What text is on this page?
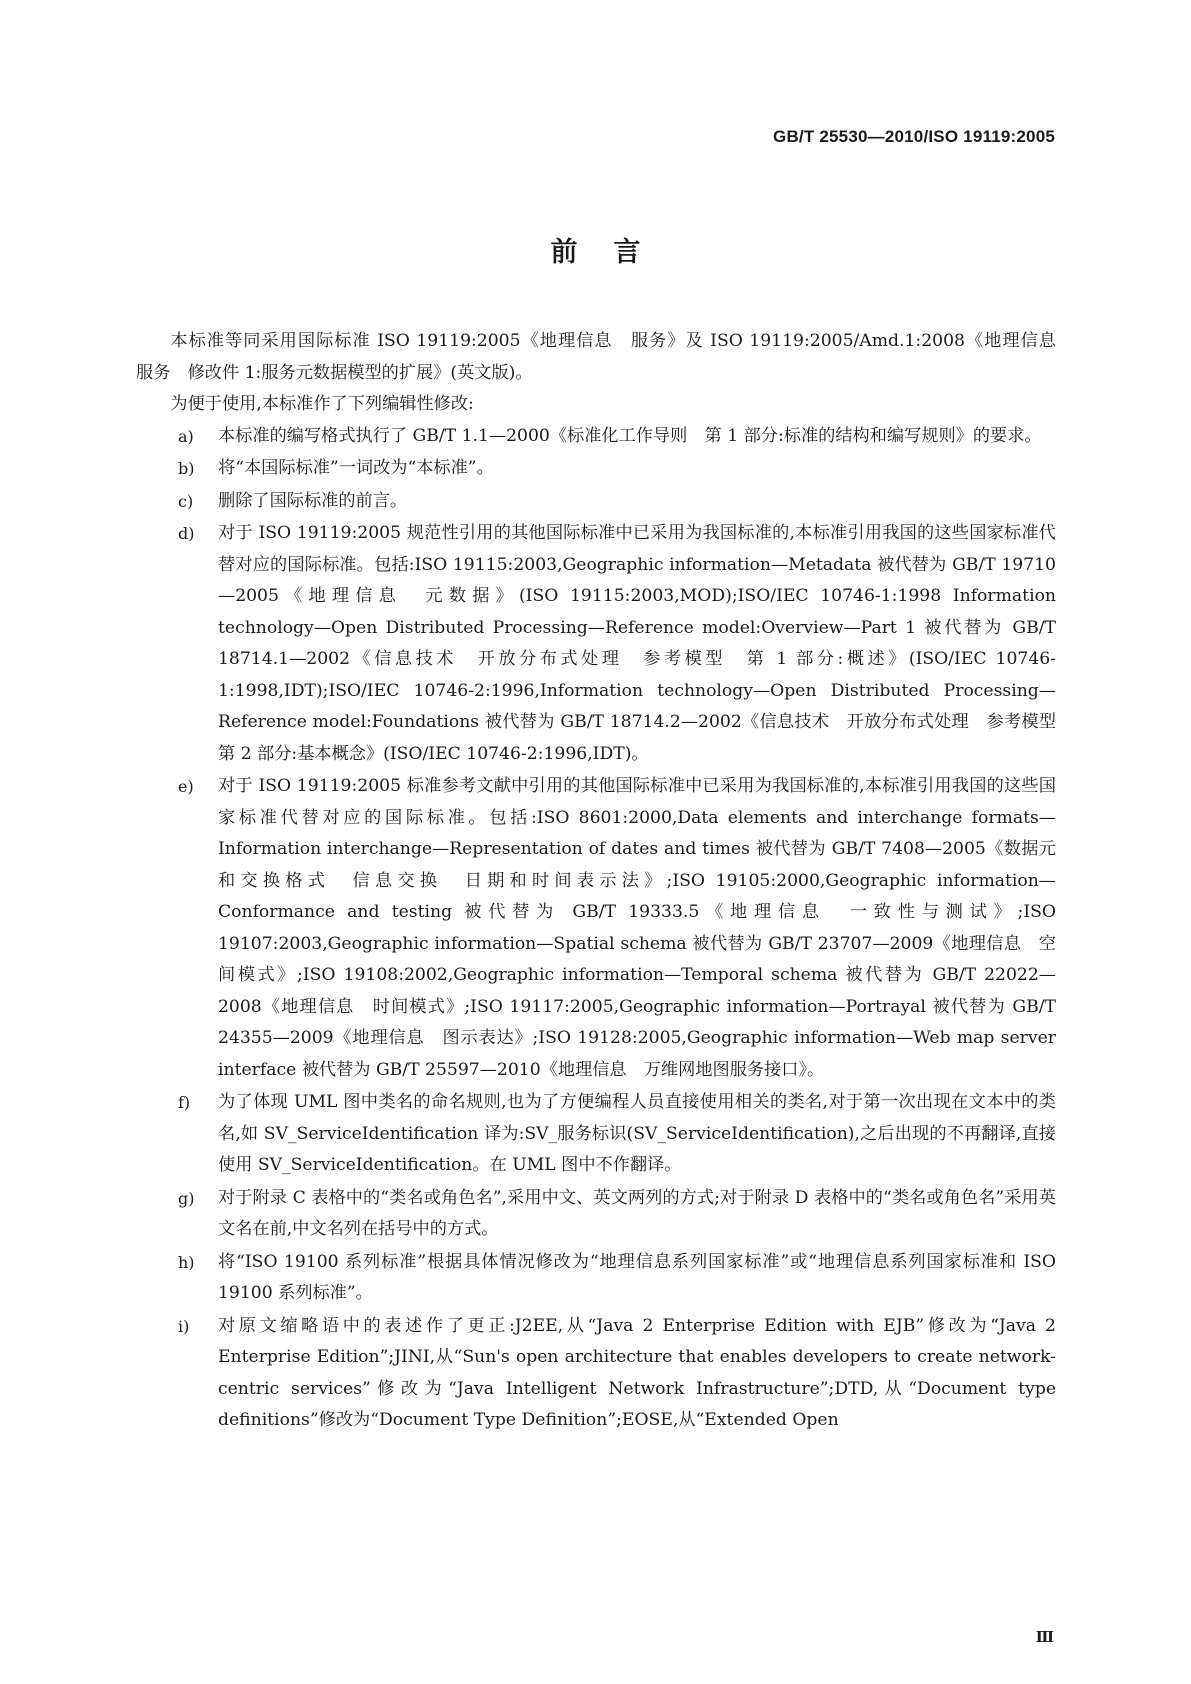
GB/T 25530—2010/ISO 19119:2005
前言

本标准等同采用国际标准 ISO 19119:2005《地理信息　服务》及 ISO 19119:2005/Amd.1:2008《地理信息　服务　修改件 1:服务元数据模型的扩展》(英文版)。

为便于使用,本标准作了下列编辑性修改:

a) 本标准的编写格式执行了 GB/T 1.1—2000《标准化工作导则　第 1 部分:标准的结构和编写规则》的要求。
b) 将“本国际标准”一词改为“本标准”。
c) 删除了国际标准的前言。
d) 对于 ISO 19119:2005 规范性引用的其他国际标准中已采用为我国标准的,本标准引用我国的这些国家标准代替对应的国际标准。包括:ISO 19115:2003,Geographic information—Metadata 被代替为 GB/T 19710—2005《地理信息　元数据》(ISO 19115:2003,MOD);ISO/IEC 10746-1:1998 Information technology—Open Distributed Processing—Reference model:Overview—Part 1 被代替为 GB/T 18714.1—2002《信息技术　开放分布式处理　参考模型　第 1 部分:概述》(ISO/IEC 10746-1:1998,IDT);ISO/IEC 10746-2:1996,Information technology—Open Distributed Processing—Reference model:Foundations 被代替为 GB/T 18714.2—2002《信息技术　开放分布式处理　参考模型　第 2 部分:基本概念》(ISO/IEC 10746-2:1996,IDT)。
e) 对于 ISO 19119:2005 标准参考文献中引用的其他国际标准中已采用为我国标准的,本标准引用我国的这些国家标准代替对应的国际标准。包括:ISO 8601:2000,Data elements and interchange formats—Information interchange—Representation of dates and times 被代替为 GB/T 7408—2005《数据元和交换格式　信息交换　日期和时间表示法》;ISO 19105:2000,Geographic information—Conformance and testing 被代替为 GB/T 19333.5《地理信息　一致性与测试》;ISO 19107:2003,Geographic information—Spatial schema 被代替为 GB/T 23707—2009《地理信息　空间模式》;ISO 19108:2002,Geographic information—Temporal schema 被代替为 GB/T 22022—2008《地理信息　时间模式》;ISO 19117:2005,Geographic information—Portrayal 被代替为 GB/T 24355—2009《地理信息　图示表达》;ISO 19128:2005,Geographic information—Web map server interface 被代替为 GB/T 25597—2010《地理信息　万维网地图服务接口》。
f) 为了体现 UML 图中类名的命名规则,也为了方便编程人员直接使用相关的类名,对于第一次出现在文本中的类名,如 SV_ServiceIdentification 译为:SV_服务标识(SV_ServiceIdentification),之后出现的不再翻译,直接使用 SV_ServiceIdentification。在 UML 图中不作翻译。
g) 对于附录 C 表格中的“类名或角色名”,采用中文、英文两列的方式;对于附录 D 表格中的“类名或角色名”采用英文名在前,中文名列在括号中的方式。
h) 将“ISO 19100 系列标准”根据具体情况修改为“地理信息系列国家标准”或“地理信息系列国家标准和 ISO 19100 系列标准”。
i) 对原文缩略语中的表述作了更正:J2EE,从“Java 2 Enterprise Edition with EJB”修改为“Java 2 Enterprise Edition”;JINI,从“Sun's open architecture that enables developers to create network-centric services”修改为“Java Intelligent Network Infrastructure”;DTD,从“Document type definitions”修改为“Document Type Definition”;EOSE,从“Extended Open
Ⅲ
